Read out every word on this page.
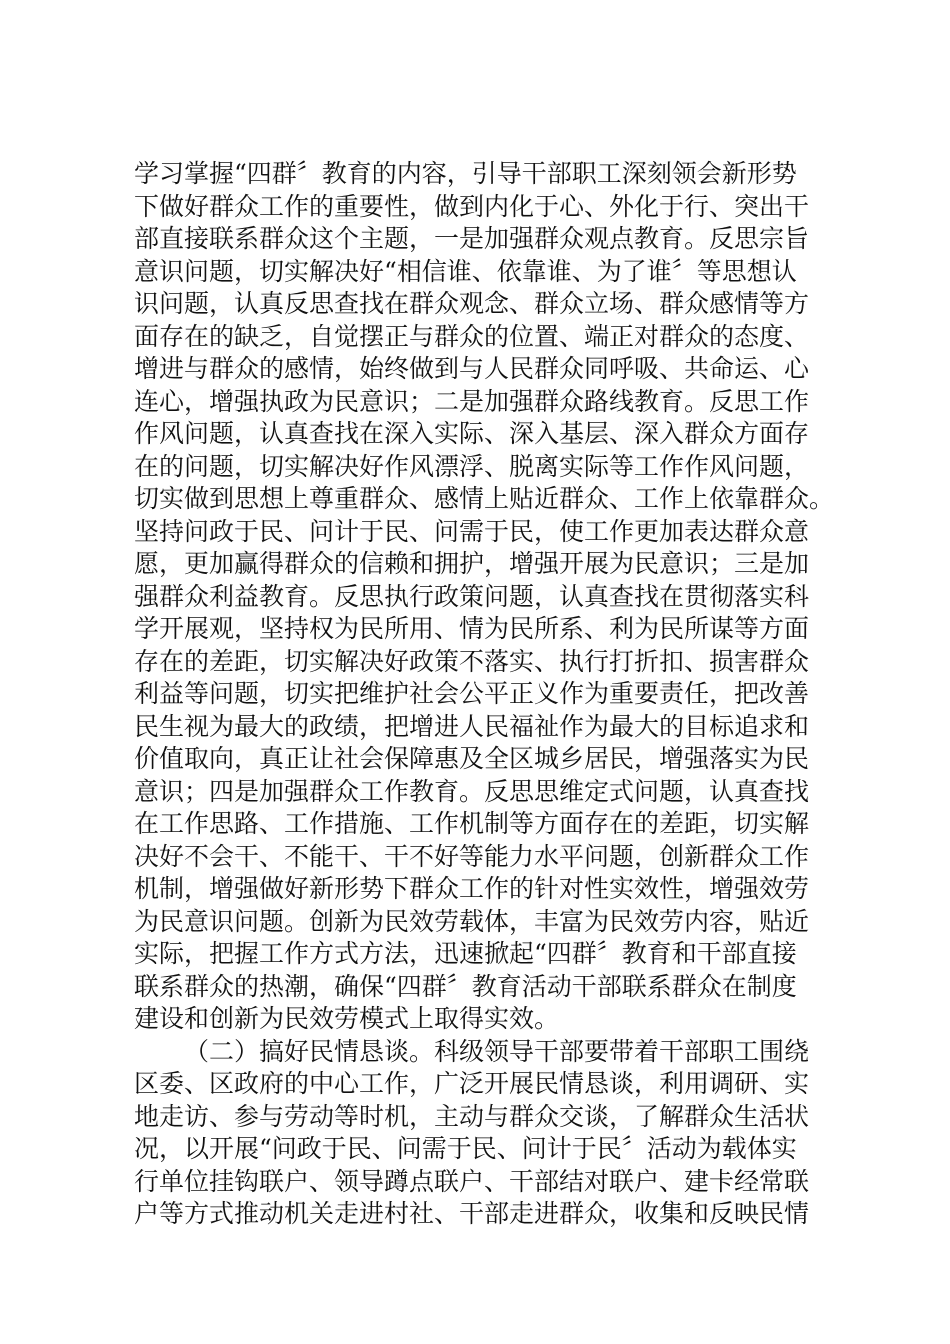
学习掌握“四群〞教育的内容，引导干部职工深刻领会新形势
下做好群众工作的重要性，做到内化于心、外化于行、突出干
部直接联系群众这个主题，一是加强群众观点教育。反思宗旨
意识问题，切实解决好“相信谁、依靠谁、为了谁〞等思想认
识问题，认真反思查找在群众观念、群众立场、群众感情等方
面存在的缺乏，自觉摆正与群众的位置、端正对群众的态度、
增进与群众的感情，始终做到与人民群众同呼吸、共命运、心
连心，增强执政为民意识；二是加强群众路线教育。反思工作
作风问题，认真查找在深入实际、深入基层、深入群众方面存
在的问题，切实解决好作风漂浮、脱离实际等工作作风问题，
切实做到思想上尊重群众、感情上贴近群众、工作上依靠群众。
坚持问政于民、问计于民、问需于民，使工作更加表达群众意
愿，更加赢得群众的信赖和拥护，增强开展为民意识；三是加
强群众利益教育。反思执行政策问题，认真查找在贯彻落实科
学开展观，坚持权为民所用、情为民所系、利为民所谋等方面
存在的差距，切实解决好政策不落实、执行打折扣、损害群众
利益等问题，切实把维护社会公平正义作为重要责任，把改善
民生视为最大的政绩，把增进人民福祉作为最大的目标追求和
价值取向，真正让社会保障惠及全区城乡居民，增强落实为民
意识；四是加强群众工作教育。反思思维定式问题，认真查找
在工作思路、工作措施、工作机制等方面存在的差距，切实解
决好不会干、不能干、干不好等能力水平问题，创新群众工作
机制，增强做好新形势下群众工作的针对性实效性，增强效劳
为民意识问题。创新为民效劳载体，丰富为民效劳内容，贴近
实际，把握工作方式方法，迅速掀起“四群〞教育和干部直接
联系群众的热潮，确保“四群〞教育活动干部联系群众在制度
建设和创新为民效劳模式上取得实效。
（二）搞好民情恳谈。科级领导干部要带着干部职工围绕
区委、区政府的中心工作，广泛开展民情恳谈，利用调研、实
地走访、参与劳动等时机，主动与群众交谈，了解群众生活状
况，以开展“问政于民、问需于民、问计于民〞活动为载体实
行单位挂钩联户、领导蹲点联户、干部结对联户、建卡经常联
户等方式推动机关走进村社、干部走进群众，收集和反映民情
